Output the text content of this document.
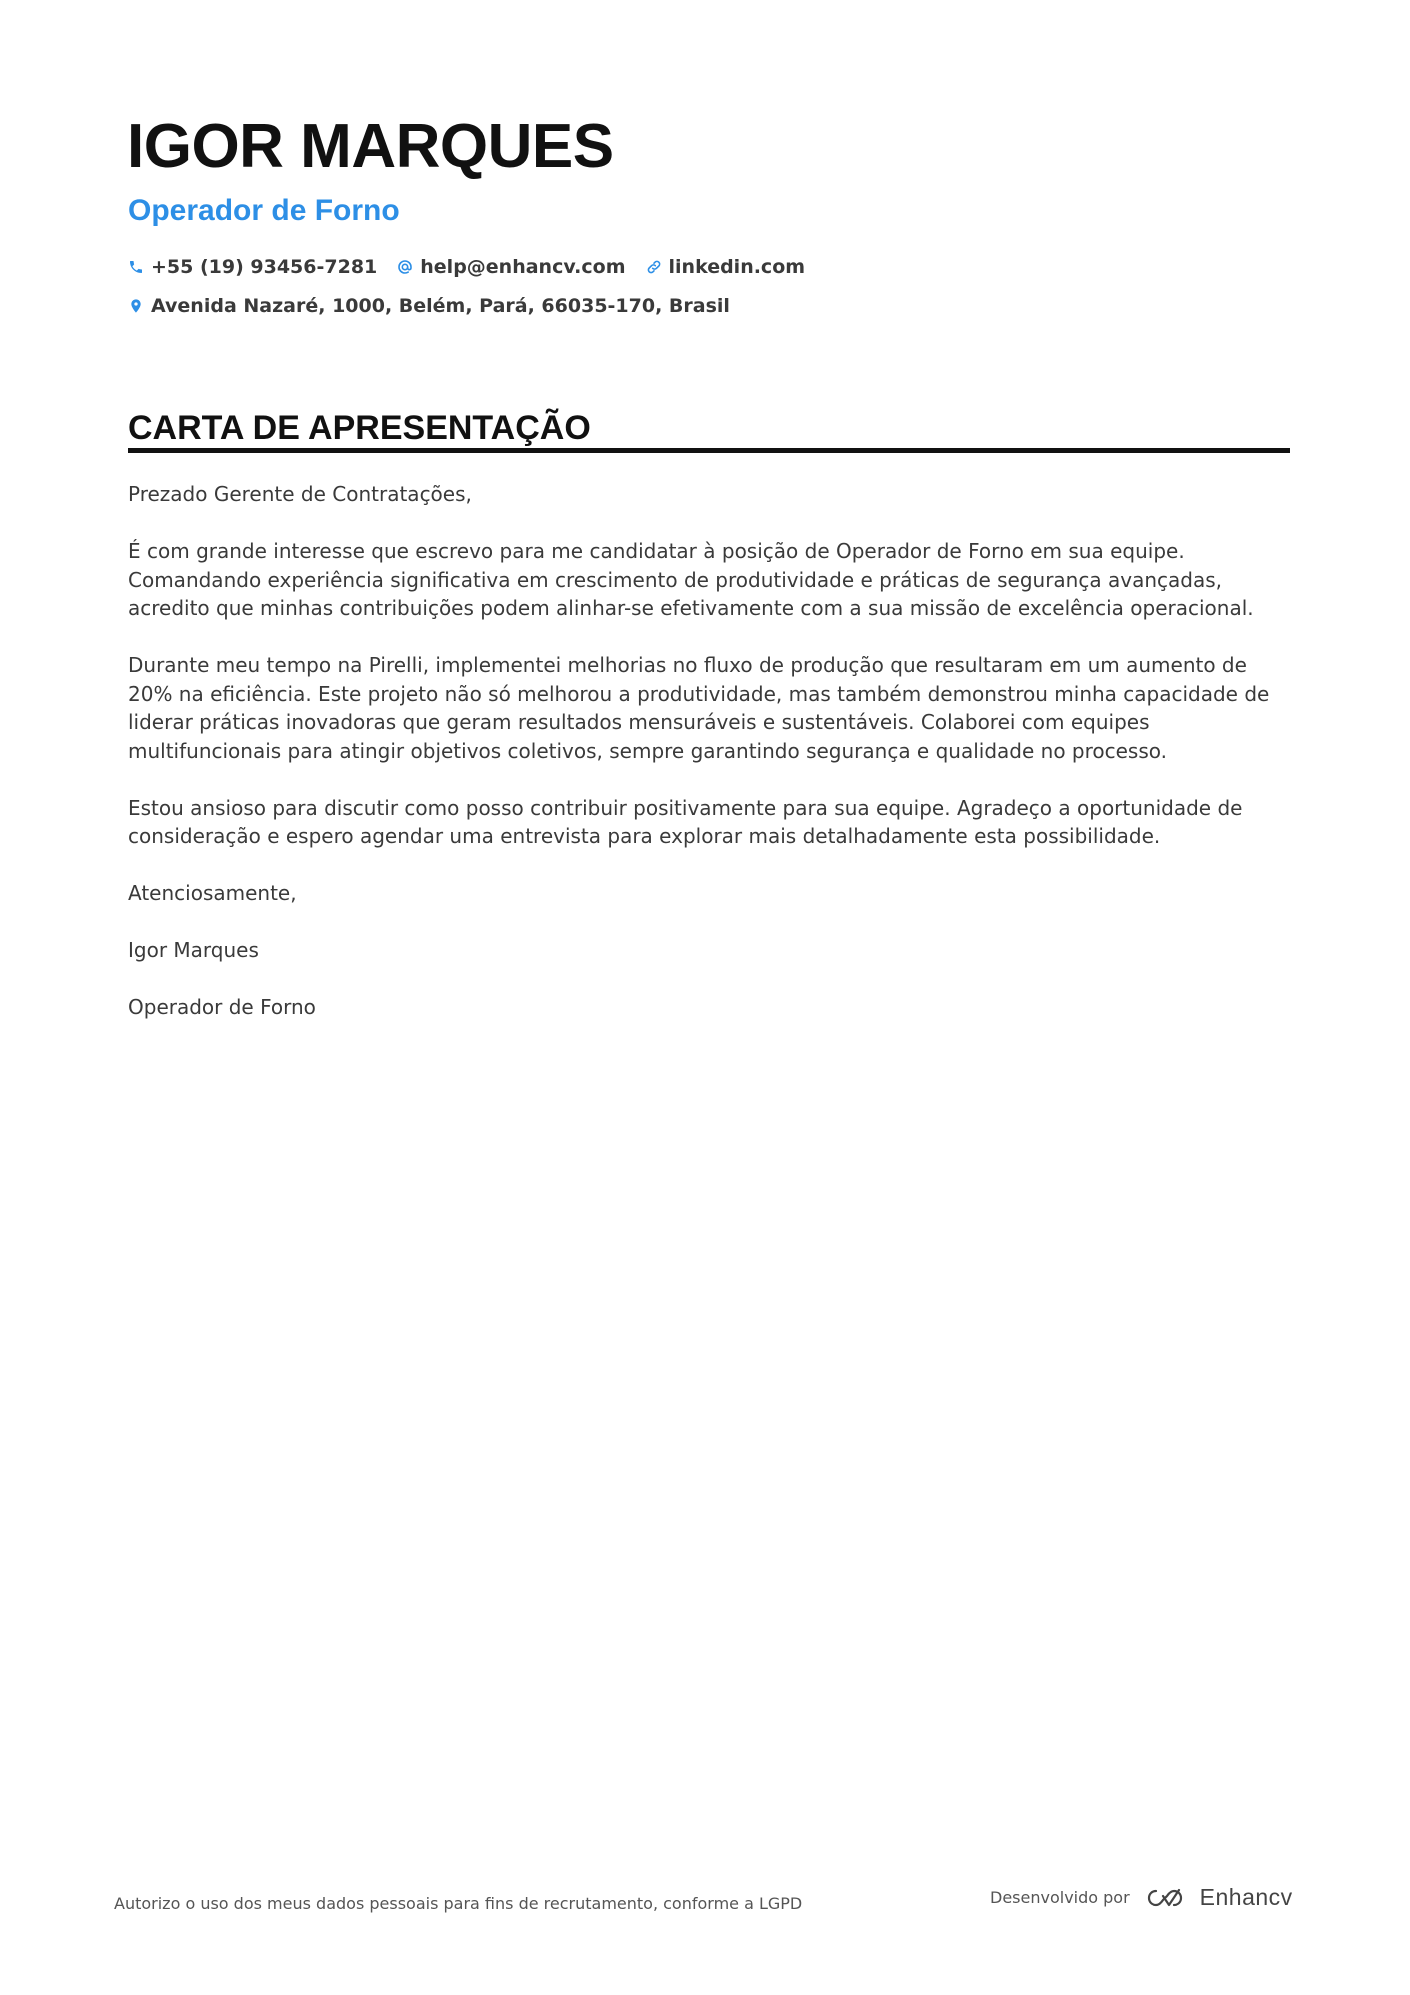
IGOR MARQUES
Operador de Forno
+55 (19) 93456-7281 help@enhancv.com linkedin.com
Avenida Nazaré, 1000, Belém, Pará, 66035-170, Brasil
CARTA DE APRESENTAÇÃO

Prezado Gerente de Contratações,

É com grande interesse que escrevo para me candidatar à posição de Operador de Forno em sua equipe. Comandando experiência significativa em crescimento de produtividade e práticas de segurança avançadas, acredito que minhas contribuições podem alinhar-se efetivamente com a sua missão de excelência operacional.

Durante meu tempo na Pirelli, implementei melhorias no fluxo de produção que resultaram em um aumento de 20% na eficiência. Este projeto não só melhorou a produtividade, mas também demonstrou minha capacidade de liderar práticas inovadoras que geram resultados mensuráveis e sustentáveis. Colaborei com equipes multifuncionais para atingir objetivos coletivos, sempre garantindo segurança e qualidade no processo.

Estou ansioso para discutir como posso contribuir positivamente para sua equipe. Agradeço a oportunidade de consideração e espero agendar uma entrevista para explorar mais detalhadamente esta possibilidade.

Atenciosamente,

Igor Marques

Operador de Forno

Autorizo o uso dos meus dados pessoais para fins de recrutamento, conforme a LGPD	Desenvolvido por	Enhancv
